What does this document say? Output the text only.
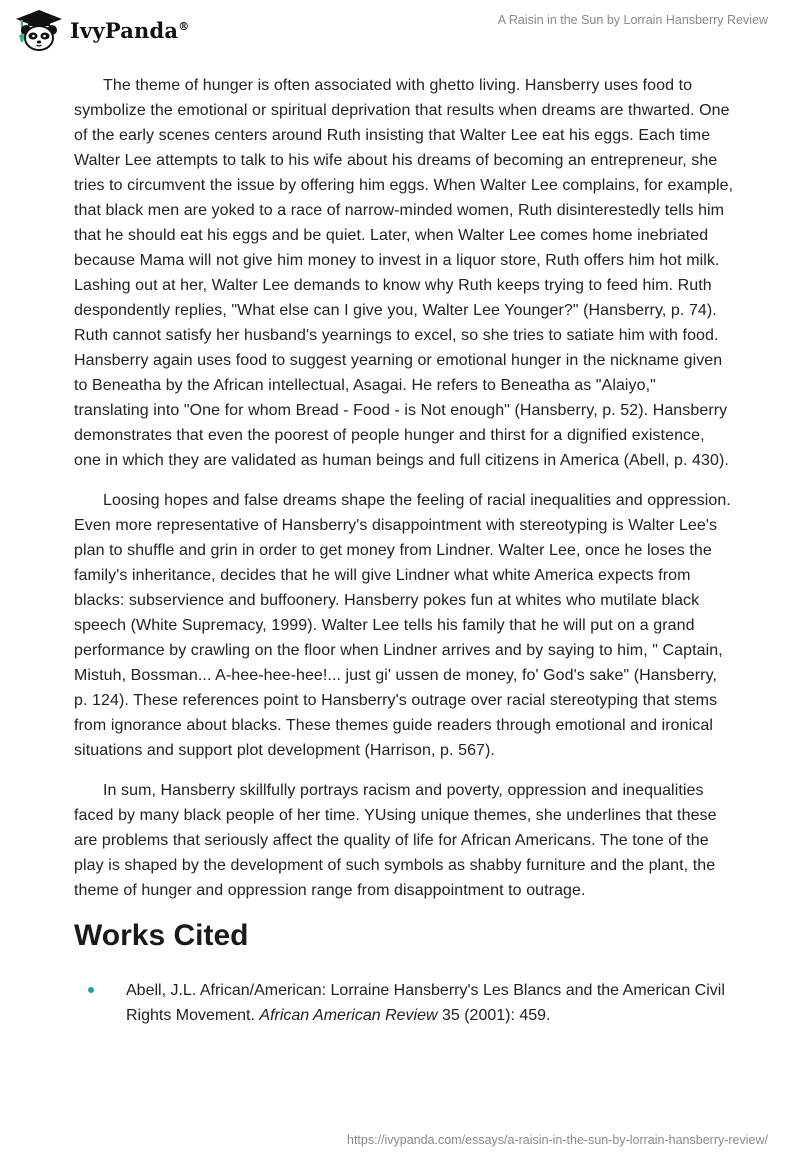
IvyPanda®	A Raisin in the Sun by Lorrain Hansberry Review

The theme of hunger is often associated with ghetto living. Hansberry uses food to symbolize the emotional or spiritual deprivation that results when dreams are thwarted. One of the early scenes centers around Ruth insisting that Walter Lee eat his eggs. Each time Walter Lee attempts to talk to his wife about his dreams of becoming an entrepreneur, she tries to circumvent the issue by offering him eggs. When Walter Lee complains, for example, that black men are yoked to a race of narrow-minded women, Ruth disinterestedly tells him that he should eat his eggs and be quiet. Later, when Walter Lee comes home inebriated because Mama will not give him money to invest in a liquor store, Ruth offers him hot milk. Lashing out at her, Walter Lee demands to know why Ruth keeps trying to feed him. Ruth despondently replies, "What else can I give you, Walter Lee Younger?" (Hansberry, p. 74). Ruth cannot satisfy her husband's yearnings to excel, so she tries to satiate him with food. Hansberry again uses food to suggest yearning or emotional hunger in the nickname given to Beneatha by the African intellectual, Asagai. He refers to Beneatha as "Alaiyo," translating into "One for whom Bread - Food - is Not enough" (Hansberry, p. 52). Hansberry demonstrates that even the poorest of people hunger and thirst for a dignified existence, one in which they are validated as human beings and full citizens in America (Abell, p. 430).

Loosing hopes and false dreams shape the feeling of racial inequalities and oppression. Even more representative of Hansberry's disappointment with stereotyping is Walter Lee's plan to shuffle and grin in order to get money from Lindner. Walter Lee, once he loses the family's inheritance, decides that he will give Lindner what white America expects from blacks: subservience and buffoonery. Hansberry pokes fun at whites who mutilate black speech (White Supremacy, 1999). Walter Lee tells his family that he will put on a grand performance by crawling on the floor when Lindner arrives and by saying to him, " Captain, Mistuh, Bossman... A-hee-hee-hee!... just gi' ussen de money, fo' God's sake" (Hansberry, p. 124). These references point to Hansberry's outrage over racial stereotyping that stems from ignorance about blacks. These themes guide readers through emotional and ironical situations and support plot development (Harrison, p. 567).

In sum, Hansberry skillfully portrays racism and poverty, oppression and inequalities faced by many black people of her time. YUsing unique themes, she underlines that these are problems that seriously affect the quality of life for African Americans. The tone of the play is shaped by the development of such symbols as shabby furniture and the plant, the theme of hunger and oppression range from disappointment to outrage.

Works Cited
Abell, J.L. African/American: Lorraine Hansberry's Les Blancs and the American Civil Rights Movement. African American Review 35 (2001): 459.
https://ivypanda.com/essays/a-raisin-in-the-sun-by-lorrain-hansberry-review/
